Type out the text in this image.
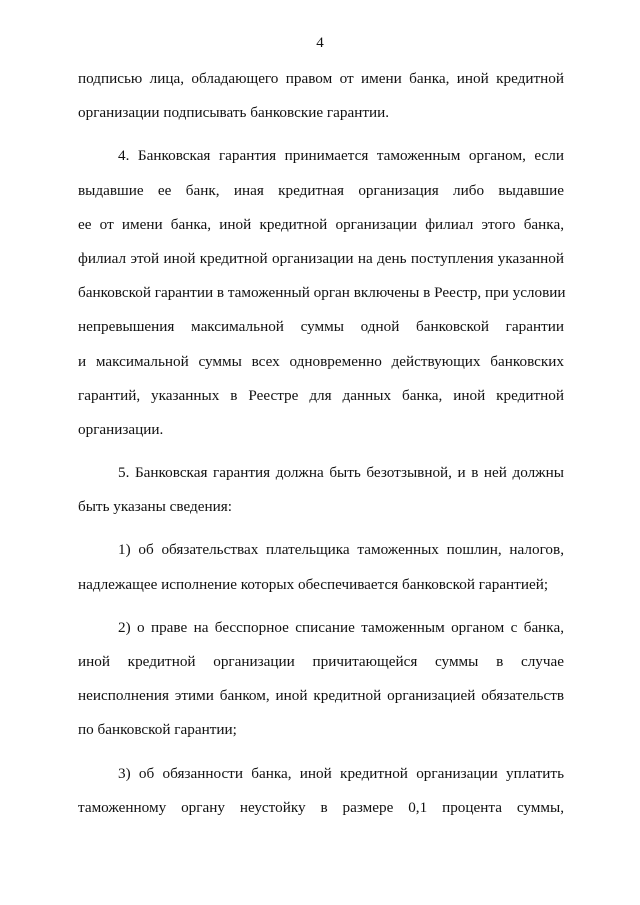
4
подписью лица, обладающего правом от имени банка, иной кредитной
организации подписывать банковские гарантии.
4. Банковская гарантия принимается таможенным органом, если
выдавшие ее банк, иная кредитная организация либо выдавшие
ее от имени банка, иной кредитной организации филиал этого банка,
филиал этой иной кредитной организации на день поступления указанной
банковской гарантии в таможенный орган включены в Реестр, при условии
непревышения максимальной суммы одной банковской гарантии
и максимальной суммы всех одновременно действующих банковских
гарантий, указанных в Реестре для данных банка, иной кредитной
организации.
5. Банковская гарантия должна быть безотзывной, и в ней должны
быть указаны сведения:
1) об обязательствах плательщика таможенных пошлин, налогов,
надлежащее исполнение которых обеспечивается банковской гарантией;
2) о праве на бесспорное списание таможенным органом с банка,
иной кредитной организации причитающейся суммы в случае
неисполнения этими банком, иной кредитной организацией обязательств
по банковской гарантии;
3) об обязанности банка, иной кредитной организации уплатить
таможенному органу неустойку в размере 0,1 процента суммы,
